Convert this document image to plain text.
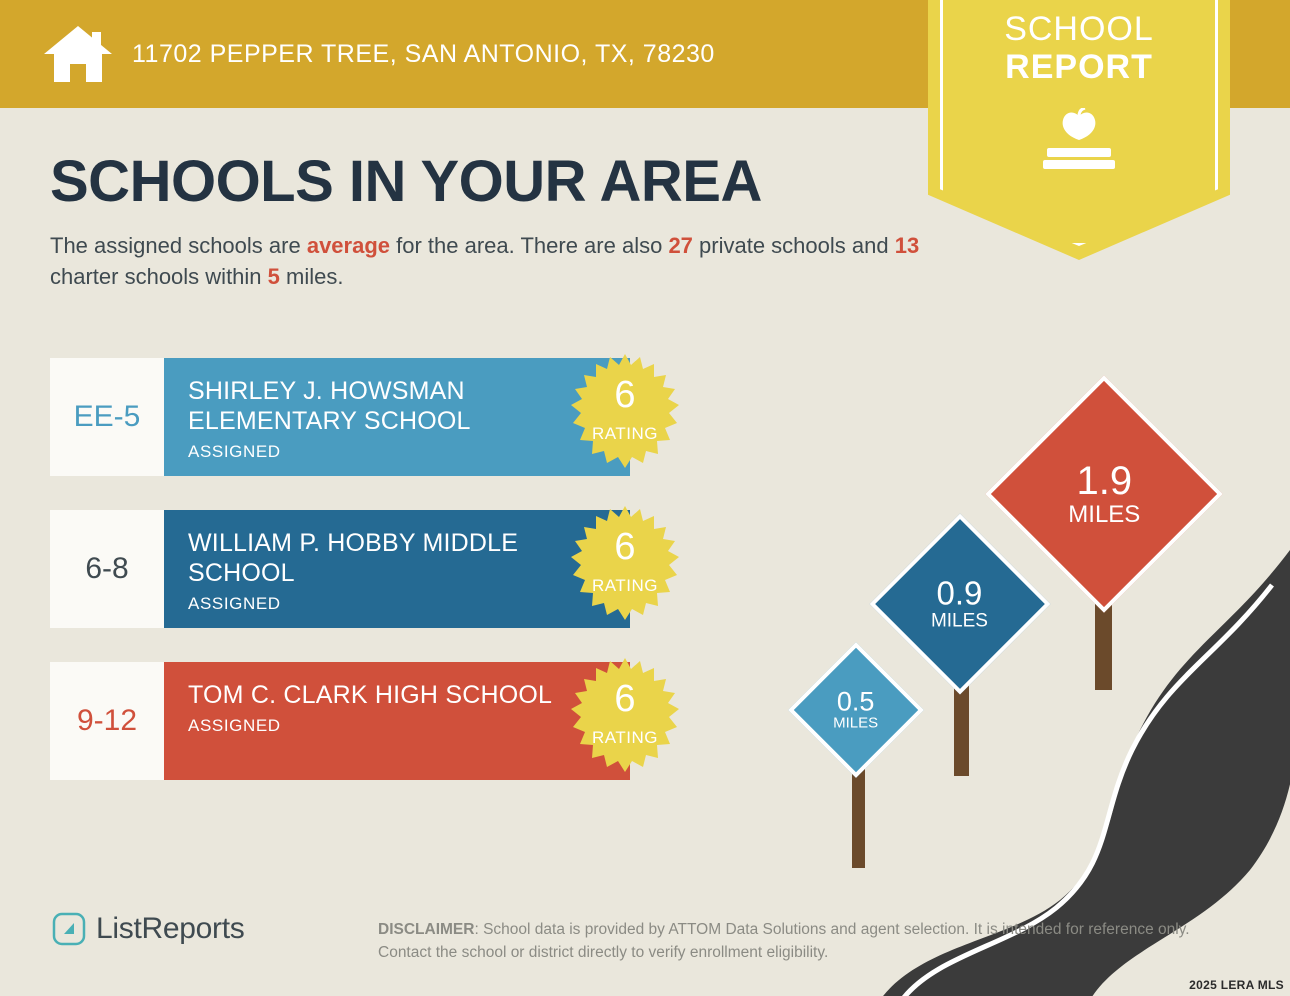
11702 PEPPER TREE, SAN ANTONIO, TX, 78230
SCHOOL
REPORT
SCHOOLS IN YOUR AREA
The assigned schools are average for the area. There are also 27 private schools and 13 charter schools within 5 miles.
EE-5
SHIRLEY J. HOWSMAN ELEMENTARY SCHOOL
ASSIGNED
6
RATING
6-8
WILLIAM P. HOBBY MIDDLE SCHOOL
ASSIGNED
6
RATING
9-12
TOM C. CLARK HIGH SCHOOL
ASSIGNED
6
RATING
1.9
MILES
0.9
MILES
0.5
MILES
ListReports	DISCLAIMER: School data is provided by ATTOM Data Solutions and agent selection. It is intended for reference only. Contact the school or district directly to verify enrollment eligibility.
2025 LERA MLS
